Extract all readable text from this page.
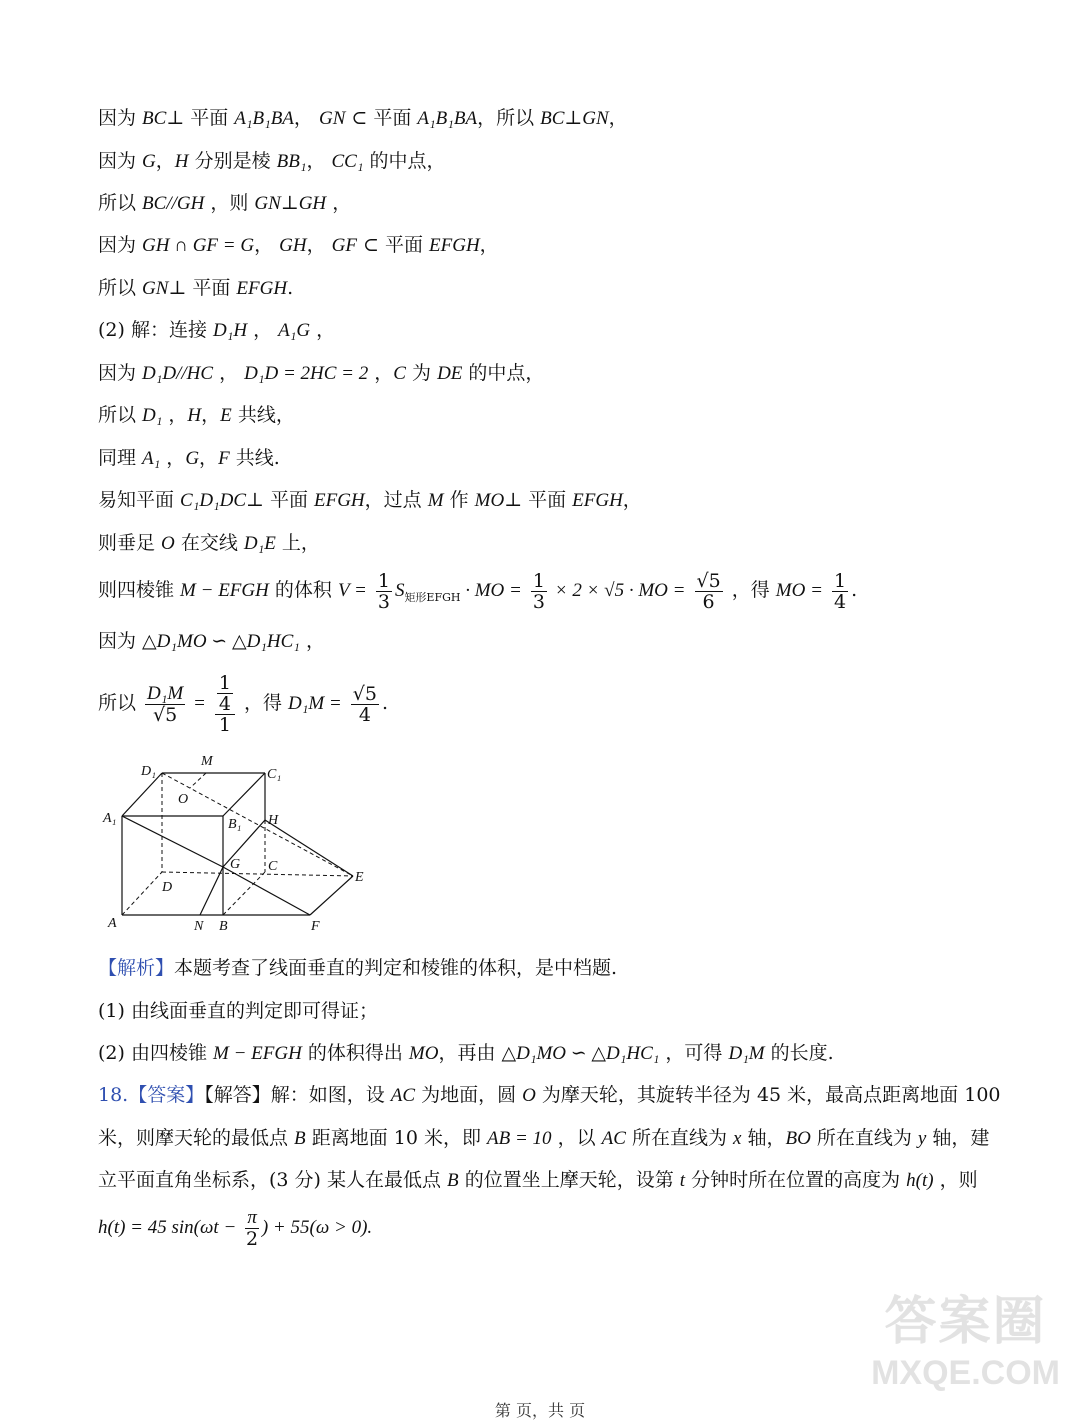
因为 BC⊥ 平面 A₁B₁BA， GN ⊂ 平面 A₁B₁BA，所以 BC⊥GN，
因为 G，H 分别是棱 BB₁， CC₁ 的中点，
所以 BC//GH ，则 GN⊥GH ，
因为 GH ∩ GF = G， GH， GF ⊂ 平面 EFGH，
所以 GN⊥ 平面 EFGH.
(2) 解：连接 D₁H ， A₁G ，
因为 D₁D//HC ， D₁D = 2HC = 2 ，C 为 DE 的中点，
所以 D₁ ，H，E 共线，
同理 A₁ ，G，F 共线.
易知平面 C₁D₁DC⊥ 平面 EFGH，过点 M 作 MO⊥ 平面 EFGH，
则垂足 O 在交线 D₁E 上，
则四棱锥 M − EFGH 的体积 $V = \frac{1}{3} S_{矩形EFGH}$ · MO = $\frac{1}{3} \times 2 \times √5$ · MO = $\frac{√5}{6}$ ，得 MO = $\frac{1}{4}$ .
因为 △D₁MO ∽ △D₁HC₁ ，
所以 $\frac{\text{D₁M}}{√5} = \frac{\frac{1}{4}}{1}$ ，得 $D_1M = \frac{√5}{4}$ .
D₁
M
C₁
O
A₁	B₁ H
G C
D
E
A	N B	F
【解析】本题考查了线面垂直的判定和棱锥的体积，是中档题.
(1) 由线面垂直的判定即可得证；
(2) 由四棱锥 M − EFGH 的体积得出 MO，再由 △D₁MO ∽ △D₁HC₁ ，可得 D₁M 的长度.
18.【答案】【解答】解：如图，设 AC 为地面，圆 O 为摩天轮，其旋转半径为 45 米，最高点距离地面 100
米，则摩天轮的最低点 B 距离地面 10 米，即 AB = 10 ，以 AC 所在直线为 x 轴，BO 所在直线为 y 轴，建
立平面直角坐标系，(3 分) 某人在最低点 B 的位置坐上摩天轮，设第 t 分钟时所在位置的高度为 h(t) ，则
h(t) = 45 $\sin(\omega t - \frac{\pi}{2}$ ) + 55(ω > 0).
答案圈
MXQE.COM
第 页，共 页
